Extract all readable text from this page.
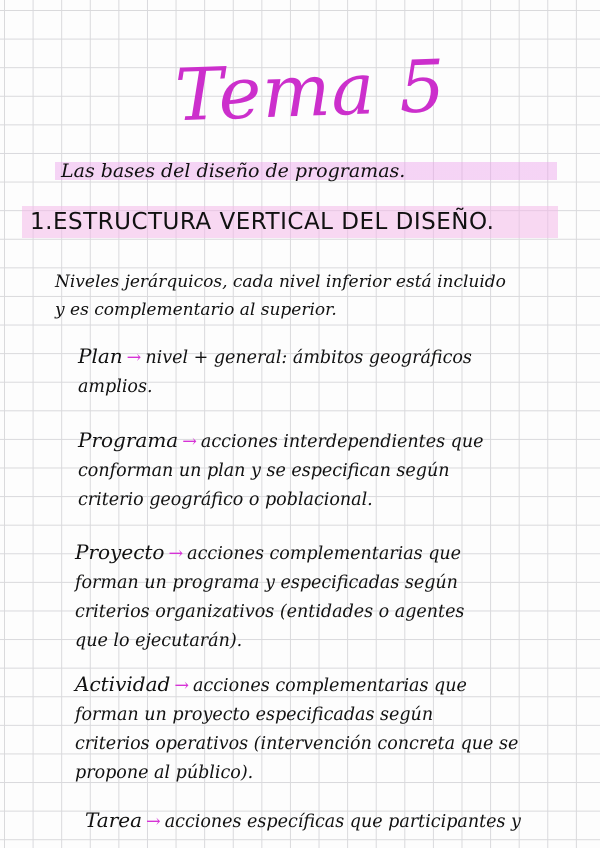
Tema 5
Las bases del diseño de programas.
1.ESTRUCTURA VERTICAL DEL DISEÑO.

Niveles jerárquicos, cada nivel inferior está incluido
y es complementario al superior.

Plan → nivel + general: ámbitos geográficos
amplios.
Programa → acciones interdependientes que
conforman un plan y se especifican según
criterio geográfico o poblacional.
Proyecto → acciones complementarias que
forman un programa y especificadas según
criterios organizativos (entidades o agentes
que lo ejecutarán).
Actividad → acciones complementarias que
forman un proyecto especificadas según
criterios operativos (intervención concreta que se
propone al público).
Tarea → acciones específicas que participantes y
